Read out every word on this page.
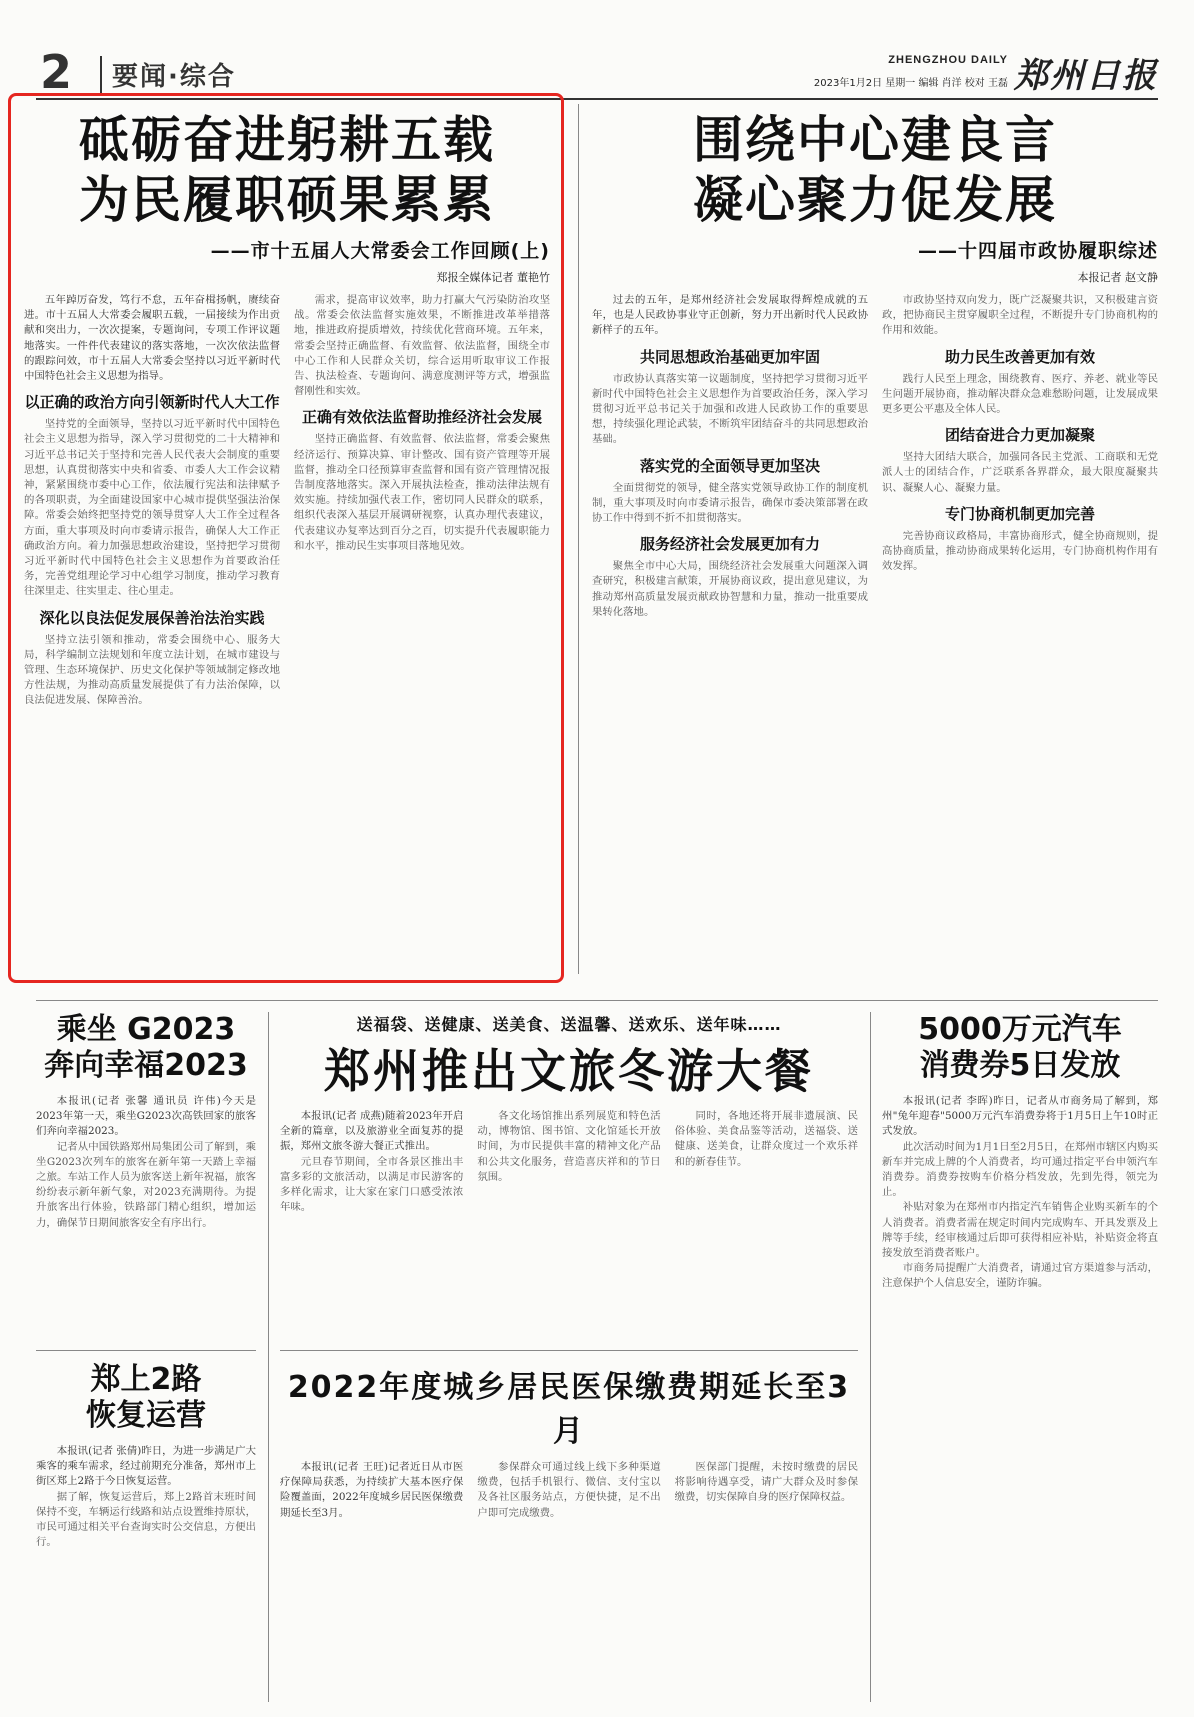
2	要闻·综合
ZHENGZHOU DAILY
2023年1月2日 星期一 编辑 肖洋 校对 王磊 郑州日报
砥砺奋进躬耕五载
为民履职硕果累累
——市十五届人大常委会工作回顾(上)
郑报全媒体记者 董艳竹

五年踔厉奋发，笃行不怠，五年奋楫扬帆，赓续奋进。市十五届人大常委会履职五载，一届接续为作出贡献和突出力，一次次提案，专题询问，专项工作评议题地落实。一件件代表建议的落实落地，一次次依法监督的跟踪问效，市十五届人大常委会坚持以习近平新时代中国特色社会主义思想为指导。

以正确的政治方向引领新时代人大工作

坚持党的全面领导，坚持以习近平新时代中国特色社会主义思想为指导，深入学习贯彻党的二十大精神和习近平总书记关于坚持和完善人民代表大会制度的重要思想，认真贯彻落实中央和省委、市委人大工作会议精神，紧紧围绕市委中心工作，依法履行宪法和法律赋予的各项职责，为全面建设国家中心城市提供坚强法治保障。常委会始终把坚持党的领导贯穿人大工作全过程各方面，重大事项及时向市委请示报告，确保人大工作正确政治方向。着力加强思想政治建设，坚持把学习贯彻习近平新时代中国特色社会主义思想作为首要政治任务，完善党组理论学习中心组学习制度，推动学习教育往深里走、往实里走、往心里走。

深化以良法促发展保善治法治实践

坚持立法引领和推动，常委会围绕中心、服务大局，科学编制立法规划和年度立法计划，在城市建设与管理、生态环境保护、历史文化保护等领域制定修改地方性法规，为推动高质量发展提供了有力法治保障，以良法促进发展、保障善治。

需求，提高审议效率，助力打赢大气污染防治攻坚战。常委会依法监督实施效果，不断推进改革举措落地，推进政府提质增效，持续优化营商环境。五年来，常委会坚持正确监督、有效监督、依法监督，围绕全市中心工作和人民群众关切，综合运用听取审议工作报告、执法检查、专题询问、满意度测评等方式，增强监督刚性和实效。

正确有效依法监督助推经济社会发展

坚持正确监督、有效监督、依法监督，常委会聚焦经济运行、预算决算、审计整改、国有资产管理等开展监督，推动全口径预算审查监督和国有资产管理情况报告制度落地落实。深入开展执法检查，推动法律法规有效实施。持续加强代表工作，密切同人民群众的联系，组织代表深入基层开展调研视察，认真办理代表建议，代表建议办复率达到百分之百，切实提升代表履职能力和水平，推动民生实事项目落地见效。

围绕中心建良言
凝心聚力促发展
——十四届市政协履职综述
本报记者 赵文静

过去的五年，是郑州经济社会发展取得辉煌成就的五年，也是人民政协事业守正创新，努力开出新时代人民政协新样子的五年。

共同思想政治基础更加牢固

市政协认真落实第一议题制度，坚持把学习贯彻习近平新时代中国特色社会主义思想作为首要政治任务，深入学习贯彻习近平总书记关于加强和改进人民政协工作的重要思想，持续强化理论武装，不断筑牢团结奋斗的共同思想政治基础。

落实党的全面领导更加坚决

全面贯彻党的领导，健全落实党领导政协工作的制度机制，重大事项及时向市委请示报告，确保市委决策部署在政协工作中得到不折不扣贯彻落实。

服务经济社会发展更加有力

聚焦全市中心大局，围绕经济社会发展重大问题深入调查研究，积极建言献策，开展协商议政，提出意见建议，为推动郑州高质量发展贡献政协智慧和力量，推动一批重要成果转化落地。

市政协坚持双向发力，既广泛凝聚共识，又积极建言资政，把协商民主贯穿履职全过程，不断提升专门协商机构的作用和效能。

助力民生改善更加有效

践行人民至上理念，围绕教育、医疗、养老、就业等民生问题开展协商，推动解决群众急难愁盼问题，让发展成果更多更公平惠及全体人民。

团结奋进合力更加凝聚

坚持大团结大联合，加强同各民主党派、工商联和无党派人士的团结合作，广泛联系各界群众，最大限度凝聚共识、凝聚人心、凝聚力量。

专门协商机制更加完善

完善协商议政格局，丰富协商形式，健全协商规则，提高协商质量，推动协商成果转化运用，专门协商机构作用有效发挥。

乘坐 G2023
奔向幸福2023

本报讯(记者 张馨 通讯员 许伟)今天是2023年第一天，乘坐G2023次高铁回家的旅客们奔向幸福2023。

记者从中国铁路郑州局集团公司了解到，乘坐G2023次列车的旅客在新年第一天踏上幸福之旅。车站工作人员为旅客送上新年祝福，旅客纷纷表示新年新气象，对2023充满期待。为提升旅客出行体验，铁路部门精心组织，增加运力，确保节日期间旅客安全有序出行。

郑上2路
恢复运营

本报讯(记者 张倩)昨日，为进一步满足广大乘客的乘车需求，经过前期充分准备，郑州市上街区郑上2路于今日恢复运营。

据了解，恢复运营后，郑上2路首末班时间保持不变，车辆运行线路和站点设置维持原状，市民可通过相关平台查询实时公交信息，方便出行。

送福袋、送健康、送美食、送温馨、送欢乐、送年味……
郑州推出文旅冬游大餐

本报讯(记者 成燕)随着2023年开启全新的篇章，以及旅游业全面复苏的提振，郑州文旅冬游大餐正式推出。

元旦春节期间，全市各景区推出丰富多彩的文旅活动，以满足市民游客的多样化需求，让大家在家门口感受浓浓年味。

各文化场馆推出系列展览和特色活动，博物馆、图书馆、文化馆延长开放时间，为市民提供丰富的精神文化产品和公共文化服务，营造喜庆祥和的节日氛围。

同时，各地还将开展非遗展演、民俗体验、美食品鉴等活动，送福袋、送健康、送美食，让群众度过一个欢乐祥和的新春佳节。

2022年度城乡居民医保缴费期延长至3月

本报讯(记者 王旺)记者近日从市医疗保障局获悉，为持续扩大基本医疗保险覆盖面，2022年度城乡居民医保缴费期延长至3月。

参保群众可通过线上线下多种渠道缴费，包括手机银行、微信、支付宝以及各社区服务站点，方便快捷，足不出户即可完成缴费。

医保部门提醒，未按时缴费的居民将影响待遇享受，请广大群众及时参保缴费，切实保障自身的医疗保障权益。

5000万元汽车
消费券5日发放

本报讯(记者 李晖)昨日，记者从市商务局了解到，郑州"兔年迎春"5000万元汽车消费券将于1月5日上午10时正式发放。

此次活动时间为1月1日至2月5日，在郑州市辖区内购买新车并完成上牌的个人消费者，均可通过指定平台申领汽车消费券。消费券按购车价格分档发放，先到先得，领完为止。

补贴对象为在郑州市内指定汽车销售企业购买新车的个人消费者。消费者需在规定时间内完成购车、开具发票及上牌等手续，经审核通过后即可获得相应补贴，补贴资金将直接发放至消费者账户。

市商务局提醒广大消费者，请通过官方渠道参与活动，注意保护个人信息安全，谨防诈骗。
